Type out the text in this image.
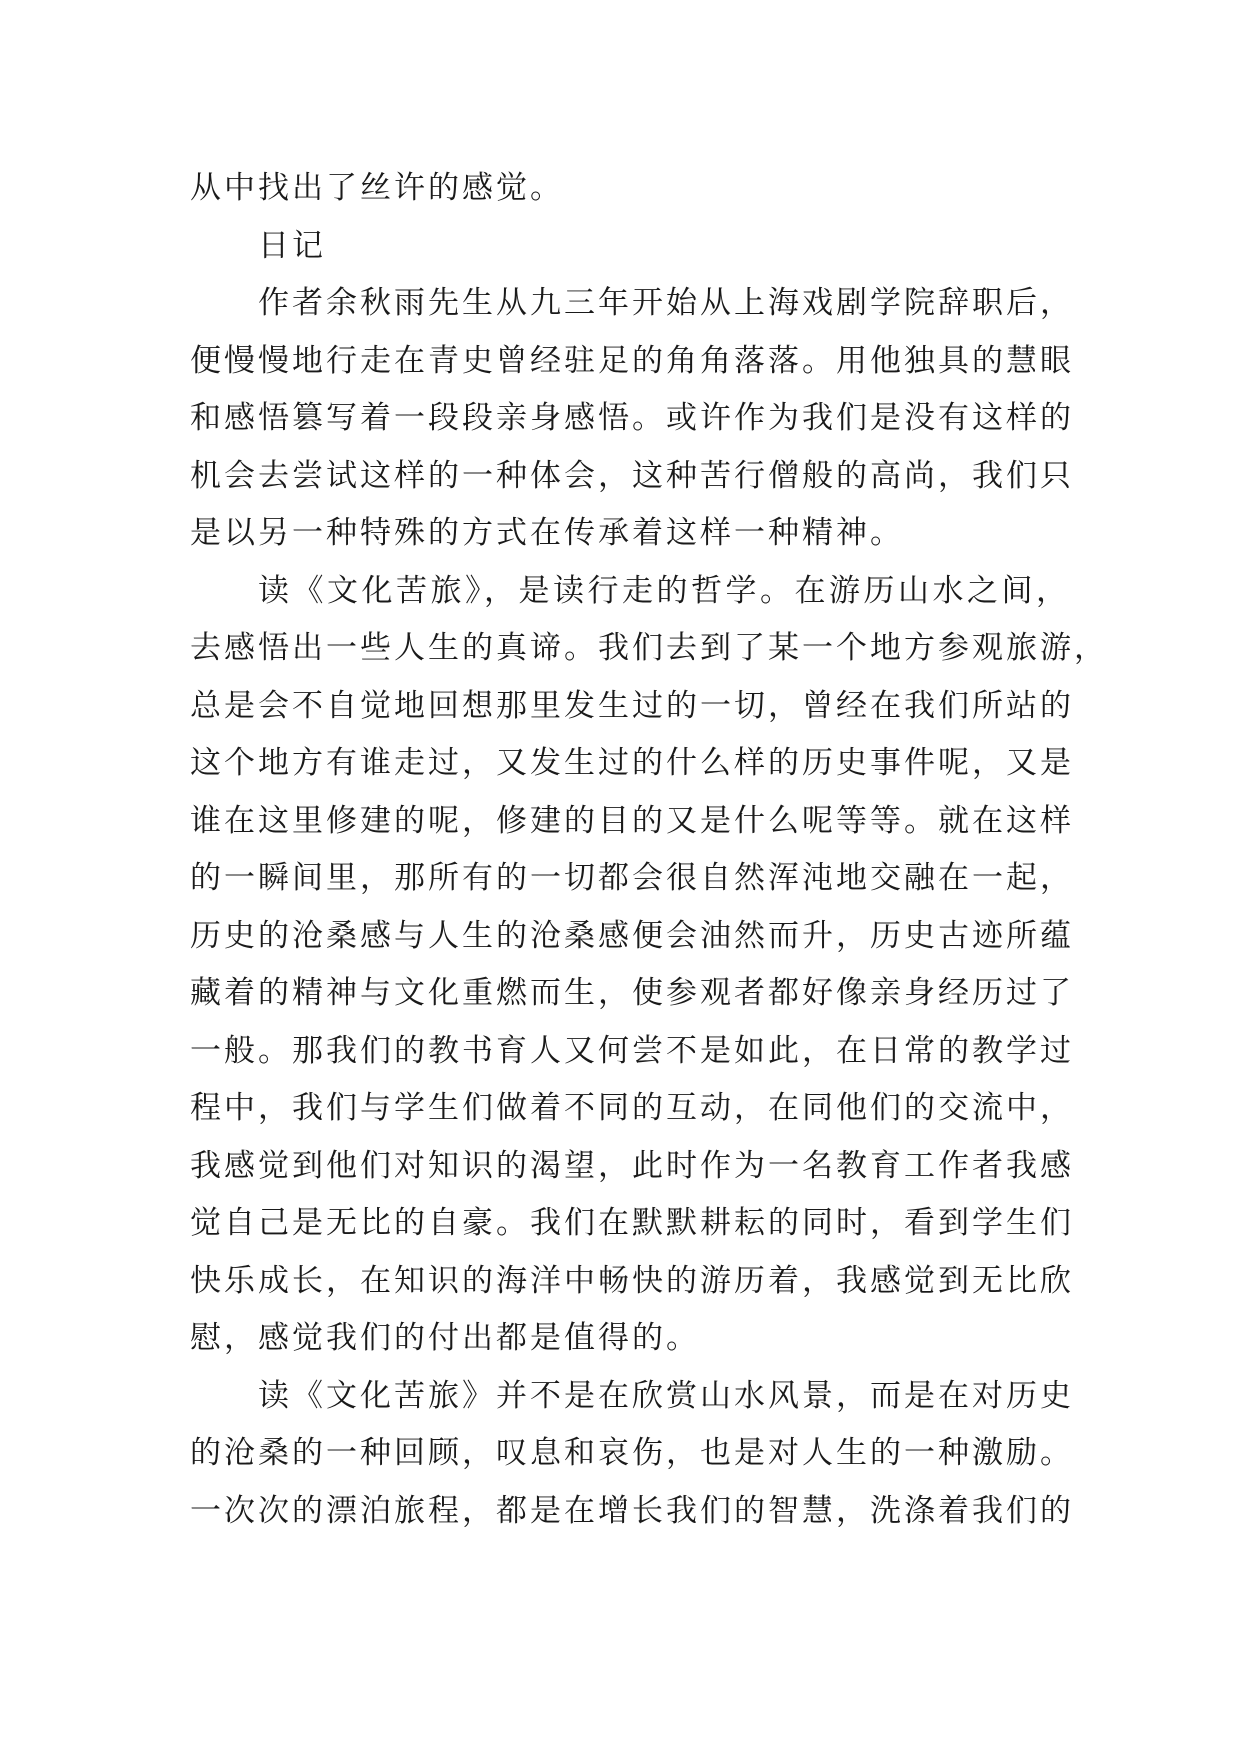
从中找出了丝许的感觉。
日记
作者余秋雨先生从九三年开始从上海戏剧学院辞职后，
便慢慢地行走在青史曾经驻足的角角落落。用他独具的慧眼
和感悟篡写着一段段亲身感悟。或许作为我们是没有这样的
机会去尝试这样的一种体会，这种苦行僧般的高尚，我们只
是以另一种特殊的方式在传承着这样一种精神。
读《文化苦旅》，是读行走的哲学。在游历山水之间，
去感悟出一些人生的真谛。我们去到了某一个地方参观旅游，
总是会不自觉地回想那里发生过的一切，曾经在我们所站的
这个地方有谁走过，又发生过的什么样的历史事件呢，又是
谁在这里修建的呢，修建的目的又是什么呢等等。就在这样
的一瞬间里，那所有的一切都会很自然浑沌地交融在一起，
历史的沧桑感与人生的沧桑感便会油然而升，历史古迹所蕴
藏着的精神与文化重燃而生，使参观者都好像亲身经历过了
一般。那我们的教书育人又何尝不是如此，在日常的教学过
程中，我们与学生们做着不同的互动，在同他们的交流中，
我感觉到他们对知识的渴望，此时作为一名教育工作者我感
觉自己是无比的自豪。我们在默默耕耘的同时，看到学生们
快乐成长，在知识的海洋中畅快的游历着，我感觉到无比欣
慰，感觉我们的付出都是值得的。
读《文化苦旅》并不是在欣赏山水风景，而是在对历史
的沧桑的一种回顾，叹息和哀伤，也是对人生的一种激励。
一次次的漂泊旅程，都是在增长我们的智慧，洗涤着我们的
